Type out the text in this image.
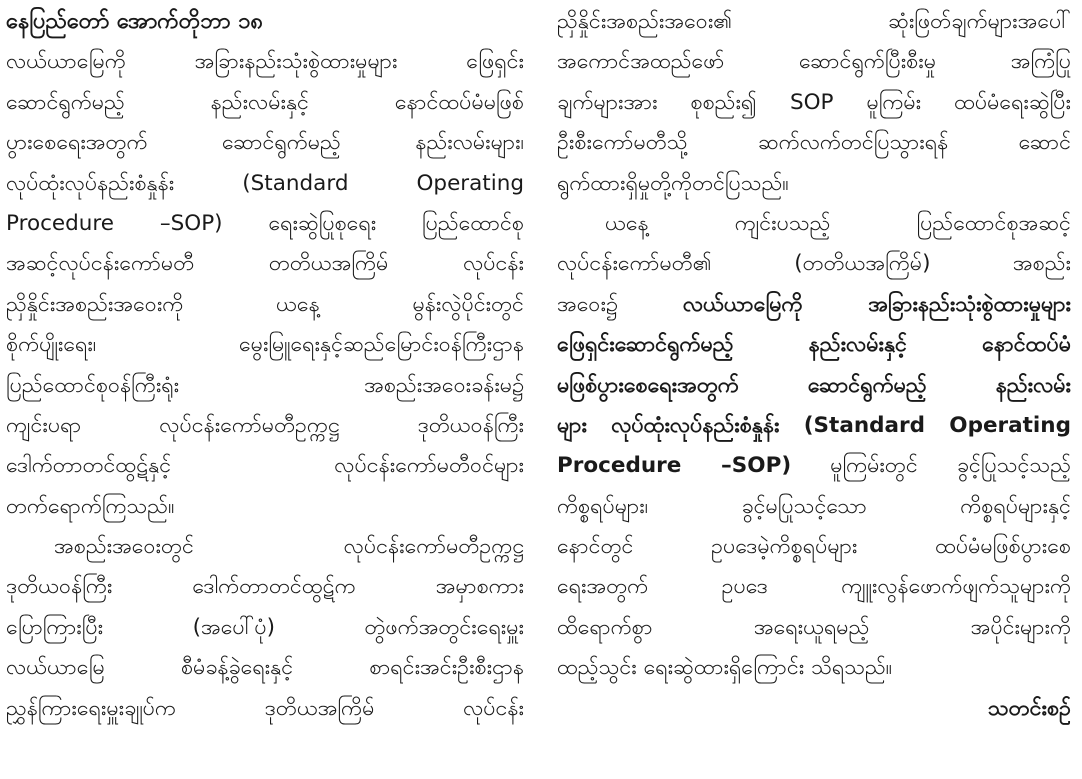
နေပြည်တော် အောက်တိုဘာ ၁၈
လယ်ယာမြေကို အခြားနည်းသုံးစွဲထားမှုများ ဖြေရှင်း
ဆောင်ရွက်မည့် နည်းလမ်းနှင့် နောင်ထပ်မံမဖြစ်
ပွားစေရေးအတွက် ဆောင်ရွက်မည့် နည်းလမ်းများ၊
လုပ်ထုံးလုပ်နည်းစံနှုန်း (Standard Operating
Procedure –SOP) ရေးဆွဲပြုစုရေး ပြည်ထောင်စု
အဆင့်လုပ်ငန်းကော်မတီ တတိယအကြိမ် လုပ်ငန်း
ညှိနှိုင်းအစည်းအဝေးကို ယနေ့ မွန်းလွဲပိုင်းတွင်
စိုက်ပျိုးရေး၊ မွေးမြူရေးနှင့်ဆည်မြောင်းဝန်ကြီးဌာန
ပြည်ထောင်စုဝန်ကြီးရုံး အစည်းအဝေးခန်းမ၌
ကျင်းပရာ လုပ်ငန်းကော်မတီဥက္ကဋ္ဌ ဒုတိယဝန်ကြီး
ဒေါက်တာတင်ထွဋ်နှင့် လုပ်ငန်းကော်မတီဝင်များ
တက်ရောက်ကြသည်။
အစည်းအဝေးတွင် လုပ်ငန်းကော်မတီဥက္ကဋ္ဌ
ဒုတိယဝန်ကြီး ဒေါက်တာတင်ထွဋ်က အမှာစကား
ပြောကြားပြီး (အပေါ်ပုံ) တွဲဖက်အတွင်းရေးမှူး
လယ်ယာမြေ စီမံခန့်ခွဲရေးနှင့် စာရင်းအင်းဦးစီးဌာန
ညွှန်ကြားရေးမှူးချုပ်က ဒုတိယအကြိမ် လုပ်ငန်း
ညှိနှိုင်းအစည်းအဝေး၏ ဆုံးဖြတ်ချက်များအပေါ်
အကောင်အထည်ဖော် ဆောင်ရွက်ပြီးစီးမှု အကြံပြု
ချက်များအား စုစည်း၍ SOP မူကြမ်း ထပ်မံရေးဆွဲပြီး
ဦးစီးကော်မတီသို့ ဆက်လက်တင်ပြသွားရန် ဆောင်
ရွက်ထားရှိမှုတို့ကိုတင်ပြသည်။
ယနေ့ ကျင်းပသည့် ပြည်ထောင်စုအဆင့်
လုပ်ငန်းကော်မတီ၏ (တတိယအကြိမ်) အစည်း
အဝေး၌ လယ်ယာမြေကို အခြားနည်းသုံးစွဲထားမှုများ
ဖြေရှင်းဆောင်ရွက်မည့် နည်းလမ်းနှင့် နောင်ထပ်မံ
မဖြစ်ပွားစေရေးအတွက် ဆောင်ရွက်မည့် နည်းလမ်း
များ လုပ်ထုံးလုပ်နည်းစံနှုန်း (Standard Operating
Procedure –SOP) မူကြမ်းတွင် ခွင့်ပြုသင့်သည့်
ကိစ္စရပ်များ၊ ခွင့်မပြုသင့်သော ကိစ္စရပ်များနှင့်
နောင်တွင် ဥပဒေမဲ့ကိစ္စရပ်များ ထပ်မံမဖြစ်ပွားစေ
ရေးအတွက် ဥပဒေ ကျူးလွန်ဖောက်ဖျက်သူများကို
ထိရောက်စွာ အရေးယူရမည့် အပိုင်းများကို
ထည့်သွင်း ရေးဆွဲထားရှိကြောင်း သိရသည်။
သတင်းစဉ်
